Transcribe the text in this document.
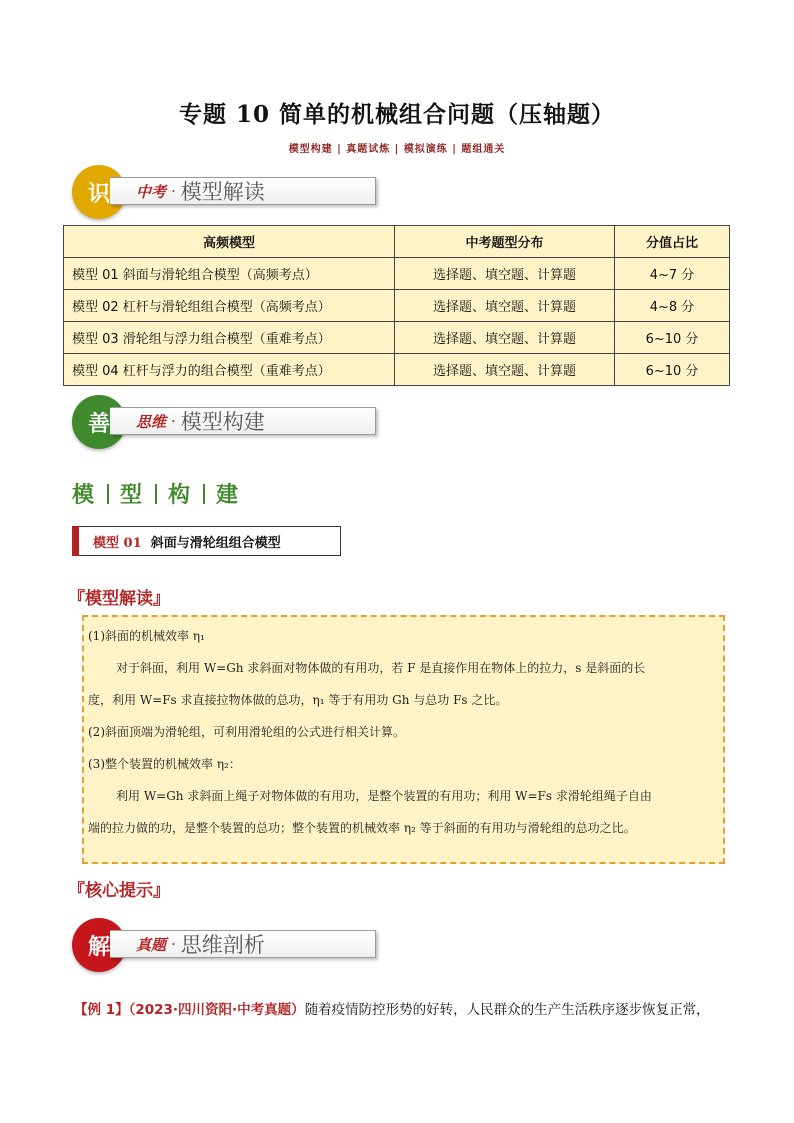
专题 10 简单的机械组合问题（压轴题）
模型构建 | 真题试炼 | 模拟演练 | 题组通关
识	中考 · 模型解读
高频模型	中考题型分布	分值占比
模型 01 斜面与滑轮组合模型（高频考点）	选择题、填空题、计算题	4~7 分
模型 02 杠杆与滑轮组组合模型（高频考点）	选择题、填空题、计算题	4~8 分
模型 03 滑轮组与浮力组合模型（重难考点）	选择题、填空题、计算题	6~10 分
模型 04 杠杆与浮力的组合模型（重难考点）	选择题、填空题、计算题	6~10 分
善	思维 · 模型构建
模 型 构 建
模型 01 斜面与滑轮组组合模型
『模型解读』

(1)斜面的机械效率 η₁

对于斜面，利用 W=Gh 求斜面对物体做的有用功，若 F 是直接作用在物体上的拉力，s 是斜面的长

度，利用 W=Fs 求直接拉物体做的总功，η₁ 等于有用功 Gh 与总功 Fs 之比。

(2)斜面顶端为滑轮组，可利用滑轮组的公式进行相关计算。

(3)整个装置的机械效率 η₂：

利用 W=Gh 求斜面上绳子对物体做的有用功，是整个装置的有用功；利用 W=Fs 求滑轮组绳子自由

端的拉力做的功，是整个装置的总功；整个装置的机械效率 η₂ 等于斜面的有用功与滑轮组的总功之比。

『核心提示』
解	真题 · 思维剖析
【例 1】（2023·四川资阳·中考真题）随着疫情防控形势的好转，人民群众的生产生活秩序逐步恢复正常，
